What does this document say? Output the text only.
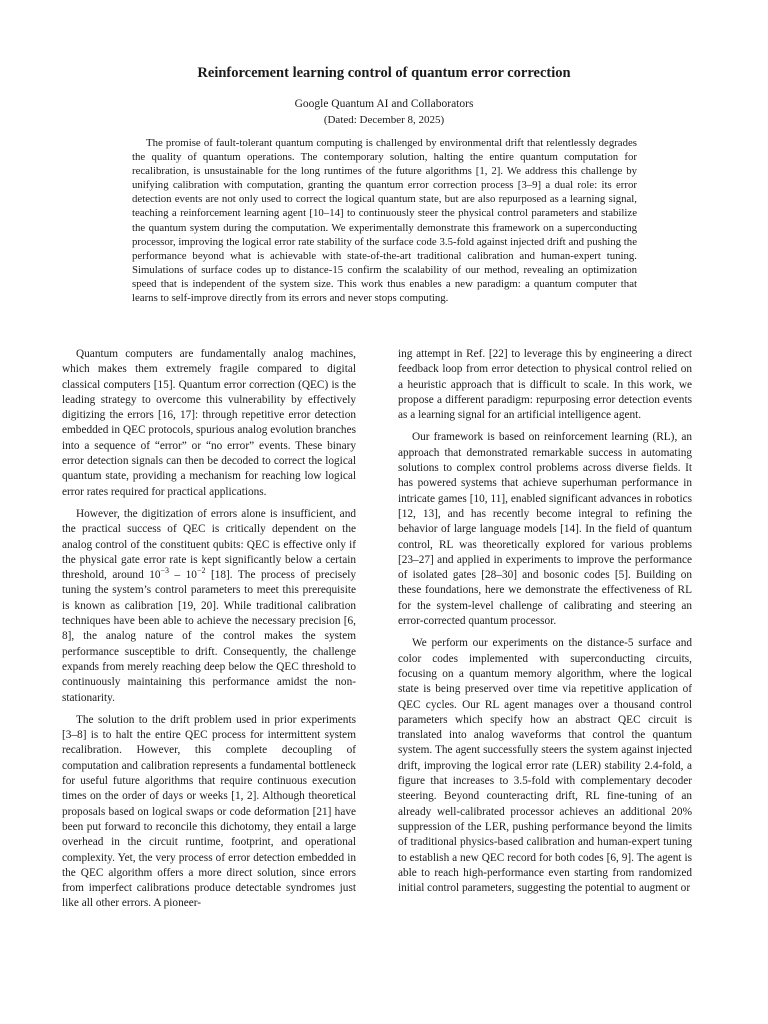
Reinforcement learning control of quantum error correction
Google Quantum AI and Collaborators
(Dated: December 8, 2025)

The promise of fault-tolerant quantum computing is challenged by environmental drift that relentlessly degrades the quality of quantum operations. The contemporary solution, halting the entire quantum computation for recalibration, is unsustainable for the long runtimes of the future algorithms [1, 2]. We address this challenge by unifying calibration with computation, granting the quantum error correction process [3–9] a dual role: its error detection events are not only used to correct the logical quantum state, but are also repurposed as a learning signal, teaching a reinforcement learning agent [10–14] to continuously steer the physical control parameters and stabilize the quantum system during the computation. We experimentally demonstrate this framework on a superconducting processor, improving the logical error rate stability of the surface code 3.5-fold against injected drift and pushing the performance beyond what is achievable with state-of-the-art traditional calibration and human-expert tuning. Simulations of surface codes up to distance-15 confirm the scalability of our method, revealing an optimization speed that is independent of the system size. This work thus enables a new paradigm: a quantum computer that learns to self-improve directly from its errors and never stops computing.

Quantum computers are fundamentally analog machines, which makes them extremely fragile compared to digital classical computers [15]. Quantum error correction (QEC) is the leading strategy to overcome this vulnerability by effectively digitizing the errors [16, 17]: through repetitive error detection embedded in QEC protocols, spurious analog evolution branches into a sequence of “error” or “no error” events. These binary error detection signals can then be decoded to correct the logical quantum state, providing a mechanism for reaching low logical error rates required for practical applications.

However, the digitization of errors alone is insufficient, and the practical success of QEC is critically dependent on the analog control of the constituent qubits: QEC is effective only if the physical gate error rate is kept significantly below a certain threshold, around $10^{-3} - 10^{-2}$ [18]. The process of precisely tuning the system’s control parameters to meet this prerequisite is known as calibration [19, 20]. While traditional calibration techniques have been able to achieve the necessary precision [6, 8], the analog nature of the control makes the system performance susceptible to drift. Consequently, the challenge expands from merely reaching deep below the QEC threshold to continuously maintaining this performance amidst the non-stationarity.

The solution to the drift problem used in prior experiments [3–8] is to halt the entire QEC process for intermittent system recalibration. However, this complete decoupling of computation and calibration represents a fundamental bottleneck for useful future algorithms that require continuous execution times on the order of days or weeks [1, 2]. Although theoretical proposals based on logical swaps or code deformation [21] have been put forward to reconcile this dichotomy, they entail a large overhead in the circuit runtime, footprint, and operational complexity. Yet, the very process of error detection embedded in the QEC algorithm offers a more direct solution, since errors from imperfect calibrations produce detectable syndromes just like all other errors. A pioneer-

ing attempt in Ref. [22] to leverage this by engineering a direct feedback loop from error detection to physical control relied on a heuristic approach that is difficult to scale. In this work, we propose a different paradigm: repurposing error detection events as a learning signal for an artificial intelligence agent.

Our framework is based on reinforcement learning (RL), an approach that demonstrated remarkable success in automating solutions to complex control problems across diverse fields. It has powered systems that achieve superhuman performance in intricate games [10, 11], enabled significant advances in robotics [12, 13], and has recently become integral to refining the behavior of large language models [14]. In the field of quantum control, RL was theoretically explored for various problems [23–27] and applied in experiments to improve the performance of isolated gates [28–30] and bosonic codes [5]. Building on these foundations, here we demonstrate the effectiveness of RL for the system-level challenge of calibrating and steering an error-corrected quantum processor.

We perform our experiments on the distance-5 surface and color codes implemented with superconducting circuits, focusing on a quantum memory algorithm, where the logical state is being preserved over time via repetitive application of QEC cycles. Our RL agent manages over a thousand control parameters which specify how an abstract QEC circuit is translated into analog waveforms that control the quantum system. The agent successfully steers the system against injected drift, improving the logical error rate (LER) stability 2.4-fold, a figure that increases to 3.5-fold with complementary decoder steering. Beyond counteracting drift, RL fine-tuning of an already well-calibrated processor achieves an additional 20% suppression of the LER, pushing performance beyond the limits of traditional physics-based calibration and human-expert tuning to establish a new QEC record for both codes [6, 9]. The agent is able to reach high-performance even starting from randomized initial control parameters, suggesting the potential to augment or
